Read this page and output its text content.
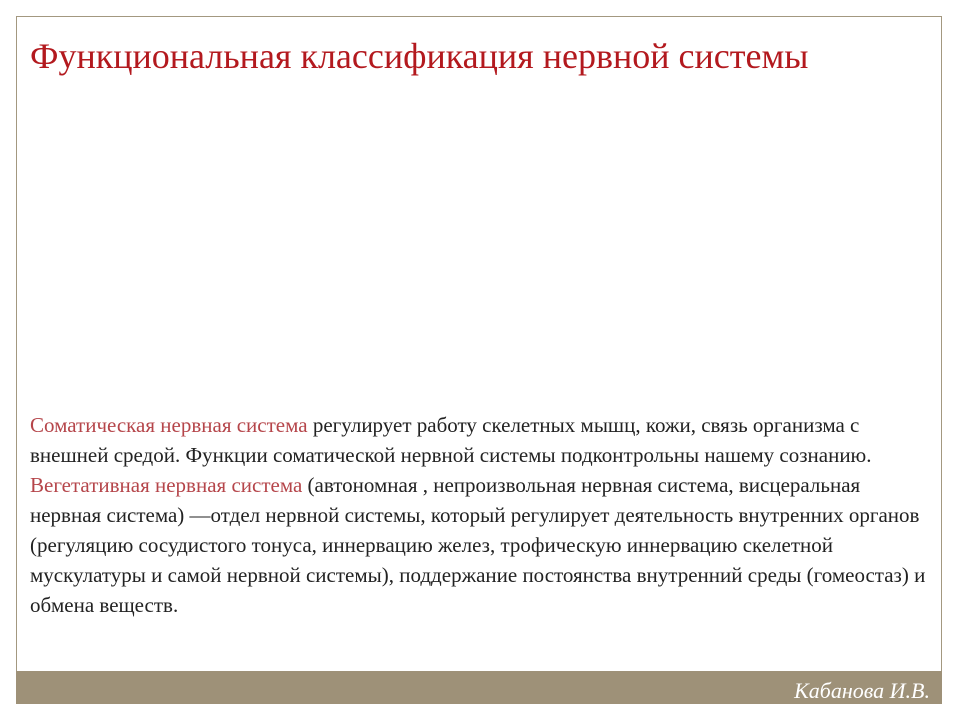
Функциональная классификация нервной системы

Соматическая нервная система регулирует работу скелетных мышц, кожи, связь организма с внешней средой. Функции соматической нервной системы подконтрольны нашему сознанию.

Вегетативная нервная система (автономная , непроизвольная нервная система, висцеральная нервная система) —отдел нервной системы, который регулирует деятельность внутренних органов (регуляцию сосудистого тонуса, иннервацию желез, трофическую иннервацию скелетной мускулатуры и самой нервной системы), поддержание постоянства внутренний среды (гомеостаз) и обмена веществ.

Кабанова И.В.
